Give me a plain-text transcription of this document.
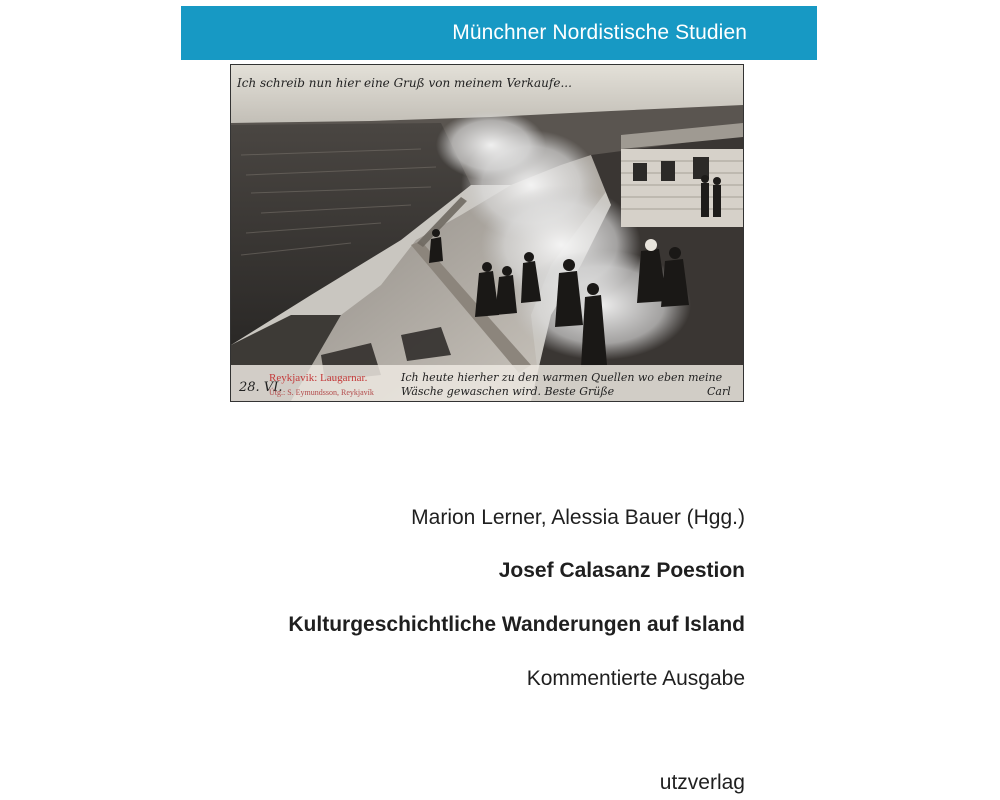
Münchner Nordistische Studien
Ich schreib nun hier eine Gruß von meinem Verkaufe...
28. VI.
Reykjavik: Laugarnar.
Útg.: S. Eymundsson, Reykjavík
Ich heute hierher zu den warmen Quellen wo eben meine
Wäsche gewaschen wird. Beste Grüße	Carl
Marion Lerner, Alessia Bauer (Hgg.)
Josef Calasanz Poestion
Kulturgeschichtliche Wanderungen auf Island
Kommentierte Ausgabe
utzverlag
